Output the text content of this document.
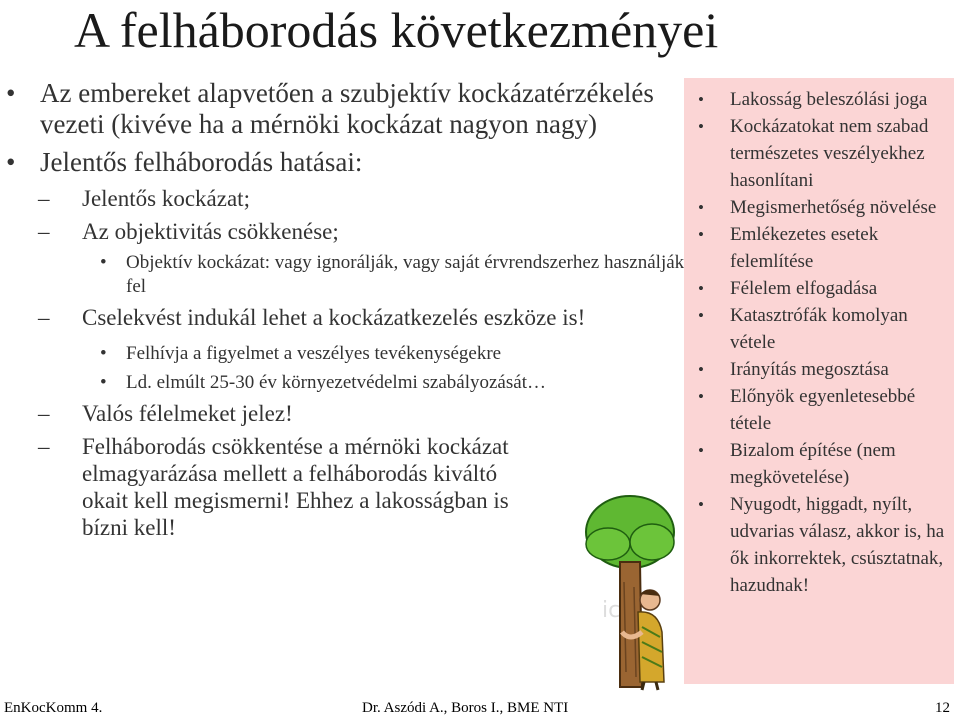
A felháborodás következményei
• Az embereket alapvetően a szubjektív kockázatérzékelés vezeti (kivéve ha a mérnöki kockázat nagyon nagy)
• Jelentős felháborodás hatásai:
– Jelentős kockázat;
– Az objektivitás csökkenése;
• Objektív kockázat: vagy ignorálják, vagy saját érvrendszerhez használják fel
– Cselekvést indukál lehet a kockázatkezelés eszköze is!
• Felhívja a figyelmet a veszélyes tevékenységekre
• Ld. elmúlt 25-30 év környezetvédelmi szabályozását…
– Valós félelmeket jelez!
– Felháborodás csökkentése a mérnöki kockázat elmagyarázása mellett a felháborodás kiváltó okait kell megismerni! Ehhez a lakosságban is bízni kell!
ic
• Lakosság beleszólási joga
• Kockázatokat nem szabad természetes veszélyekhez hasonlítani
• Megismerhetőség növelése
• Emlékezetes esetek felemlítése
• Félelem elfogadása
• Katasztrófák komolyan vétele
• Irányítás megosztása
• Előnyök egyenletesebbé tétele
• Bizalom építése (nem megkövetelése)
• Nyugodt, higgadt, nyílt, udvarias válasz, akkor is, ha ők inkorrektek, csúsztatnak, hazudnak!
EnKocKomm 4.	Dr. Aszódi A., Boros I., BME NTI	12
